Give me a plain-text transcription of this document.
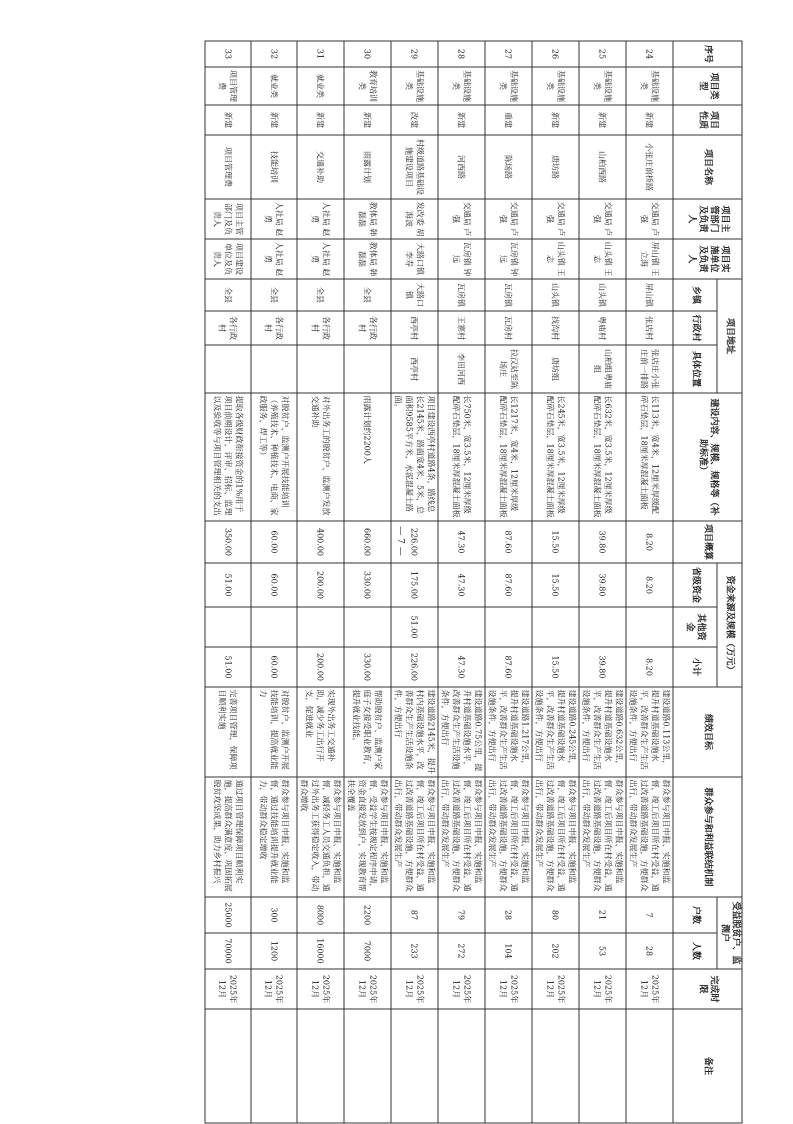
序号	项目类型	项目性质	项目名称	项目主管部门及负责人	项目实施单位及负责人	项目地址			建设内容、规模、规格等（补助标准）	项目概算	资金来源及规模（万元）			绩效目标	群众参与和利益联结机制	受益脱贫户、监测户		完成时限	备注
						乡镇	行政村	具体位置			省级资金	其他资金	小计			户数	人数		

24	基础设施类	新建	小张庄前桥路	交通局 卢强	屏山镇 王立海	屏山镇	张店村	张店庄小张庄前一排路	长113米，宽4米，12厘米厚级配碎石垫层，18厘米厚混凝土面板	8.20	8.20		8.20	建设道路0.113公里，提升村道基础设施水平，改善群众生产生活设施条件，方便出行	群众参与项目申报、实施和监督，竣工后项目所在村受益，通过改善道路基础设施，方便群众出行，带动群众发展生产	7	28	2025年12月	
25	基础设施类	新建	山柏西路	交通局 卢强	山头镇 王志	山头镇	粤庙村	山柏组粤庙组	长632米，宽3.5米，12厘米厚级配碎石垫层，18厘米厚混凝土面板	39.80	39.80		39.80	建设道路0.632公里，提升村道基础设施水平，改善群众生产生活设施条件，方便出行	群众参与项目申报、实施和监督，竣工后项目所在村受益，通过改善道路基础设施，方便群众出行，带动群众发展生产	21	53	2025年12月	
26	基础设施类	新建	唐坊路	交通局 卢强	山头镇 王志	山头镇	找沟村	唐坊组	长245米，宽3.5米，12厘米厚级配碎石垫层，18厘米厚混凝土面板	15.50	15.50		15.50	建设道路0.245公里，提升村道基础设施水平，改善群众生产生活设施条件，方便出行	群众参与项目申报、实施和监督，竣工后项目所在村受益，通过改善道路基础设施，方便群众出行，带动群众发展生产	80	202	2025年12月	
27	基础设施类	重建	陈场路	交通局 卢强	瓦房镇 钟远	瓦房镇	瓦房村	拉汉站至陈场庄	长1217米，宽4米，12厘米厚级配碎石垫层，18厘米厚混凝土面板	87.60	87.60		87.60	建设道路1.217公里，提升村道基础设施水平，改善群众生产生活设施条件，方便出行	群众参与项目申报、实施和监督，竣工后项目所在村受益，通过改善道路基础设施，方便群众出行，带动群众发展生产	28	104	2025年12月	
28	基础设施类	新建	河西路	交通局 卢强	瓦房镇 钟远	瓦房镇	王寨村	李田河西	长750米，宽3.5米，12厘米厚级配碎石垫层，18厘米厚混凝土面板	47.30	47.30		47.30	建设道路0.75公里，提升村道基础设施水平，改善群众生产生活设施条件，方便出行	群众参与项目申报、实施和监督，竣工后项目所在村受益，通过改善道路基础设施，方便群众出行，带动群众发展生产	79	272	2025年12月	
29	基础设施类	改建	村级道路基础设施建设项目	发改委 胡海波	大路口镇 李寿	大路口镇	西亭村	西亭村	项目建设西亭村道路4条，路线总长2145米，路面宽4米，5米，总面积9585平方米，水泥混凝土路面。	226.00	175.00	51.00	226.00	建设道路2145米，提升村内基础设施水平，改善群众生产生活设施条件，方便出行	群众参与项目申报、实施和监督，竣工后项目所在村受益，通过改善道路基础设施，方便群众出行，带动群众发展生产	87	233	2025年12月	
30	教育培训类	新建	雨露计划	教体局 韩磊磊	教体局 韩磊磊	全县	各行政村		雨露计划约2200人	660.00	330.00		330.00	帮助脱贫户、监测户家庭子女接受职业教育，提升就业技能。	群众参与项目申报、实施和监督，受益学生按规定程序申请，资金直接发放到户，实现教育帮扶全覆盖	2200	7000	2025年12月	
31	就业类	新建	交通补助	人社局 赵勇	人社局 赵勇	全县	各行政村		对外出务工的脱贫户、监测户发放交通补助	400.00	200.00		200.00	实现外出务工交通补助，减少务工出行开支，促进就业	群众参与项目申报、实施和监督，减轻务工人员交通负担，通过外出务工获得稳定收入，带动群众增收	8000	16000	2025年12月	
32	就业类	新建	技能培训	人社局 赵勇	人社局 赵勇	全县	各行政村		对脱贫户、监测户开展技能培训（养殖技术、种植技术、电商、家政服务、焊工等）	60.00	60.00		60.00	对脱贫户、监测户开展技能培训，提高就业能力	群众参与项目申报、实施和监督，通过技能培训提升就业能力，带动群众稳定增收	300	1200	2025年12月	
33	项目管理费	新建	项目管理费	项目主管部门及负责人	项目建设单位及负责人	全县	各行政村		提取各级财政衔接资金的1%用于项目前期设计、评审、招标、监理以及验收等与项目管理相关的支出	350.00	51.00		51.00	完善项目管理，保障项目顺利实施	通过项目管理保障项目顺利实施，提高群众满意度，巩固拓展脱贫攻坚成果，助力乡村振兴	25000	70000	2025年12月	
— 7 —
